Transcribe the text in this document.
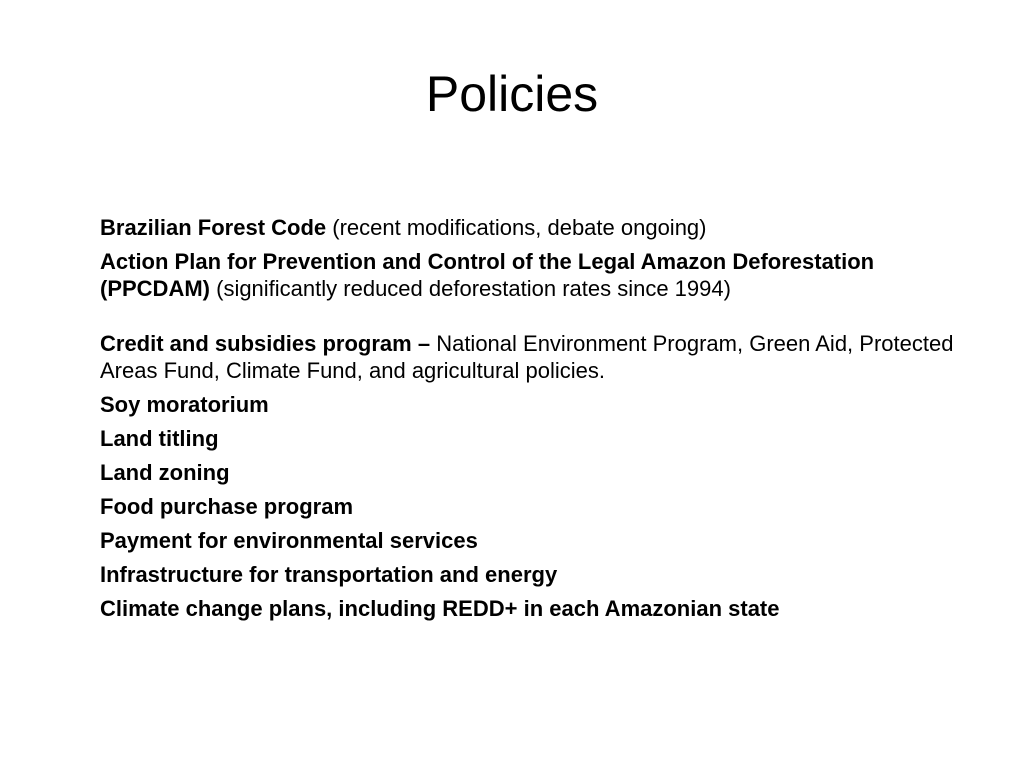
Policies
Brazilian Forest Code (recent modifications, debate ongoing)
Action Plan for Prevention and Control of the Legal Amazon Deforestation (PPCDAM) (significantly reduced deforestation rates since 1994)
Credit and subsidies program – National Environment Program, Green Aid, Protected Areas Fund, Climate Fund, and agricultural policies.
Soy moratorium
Land titling
Land zoning
Food purchase program
Payment for environmental services
Infrastructure for transportation and energy
Climate change plans, including REDD+ in each Amazonian state
